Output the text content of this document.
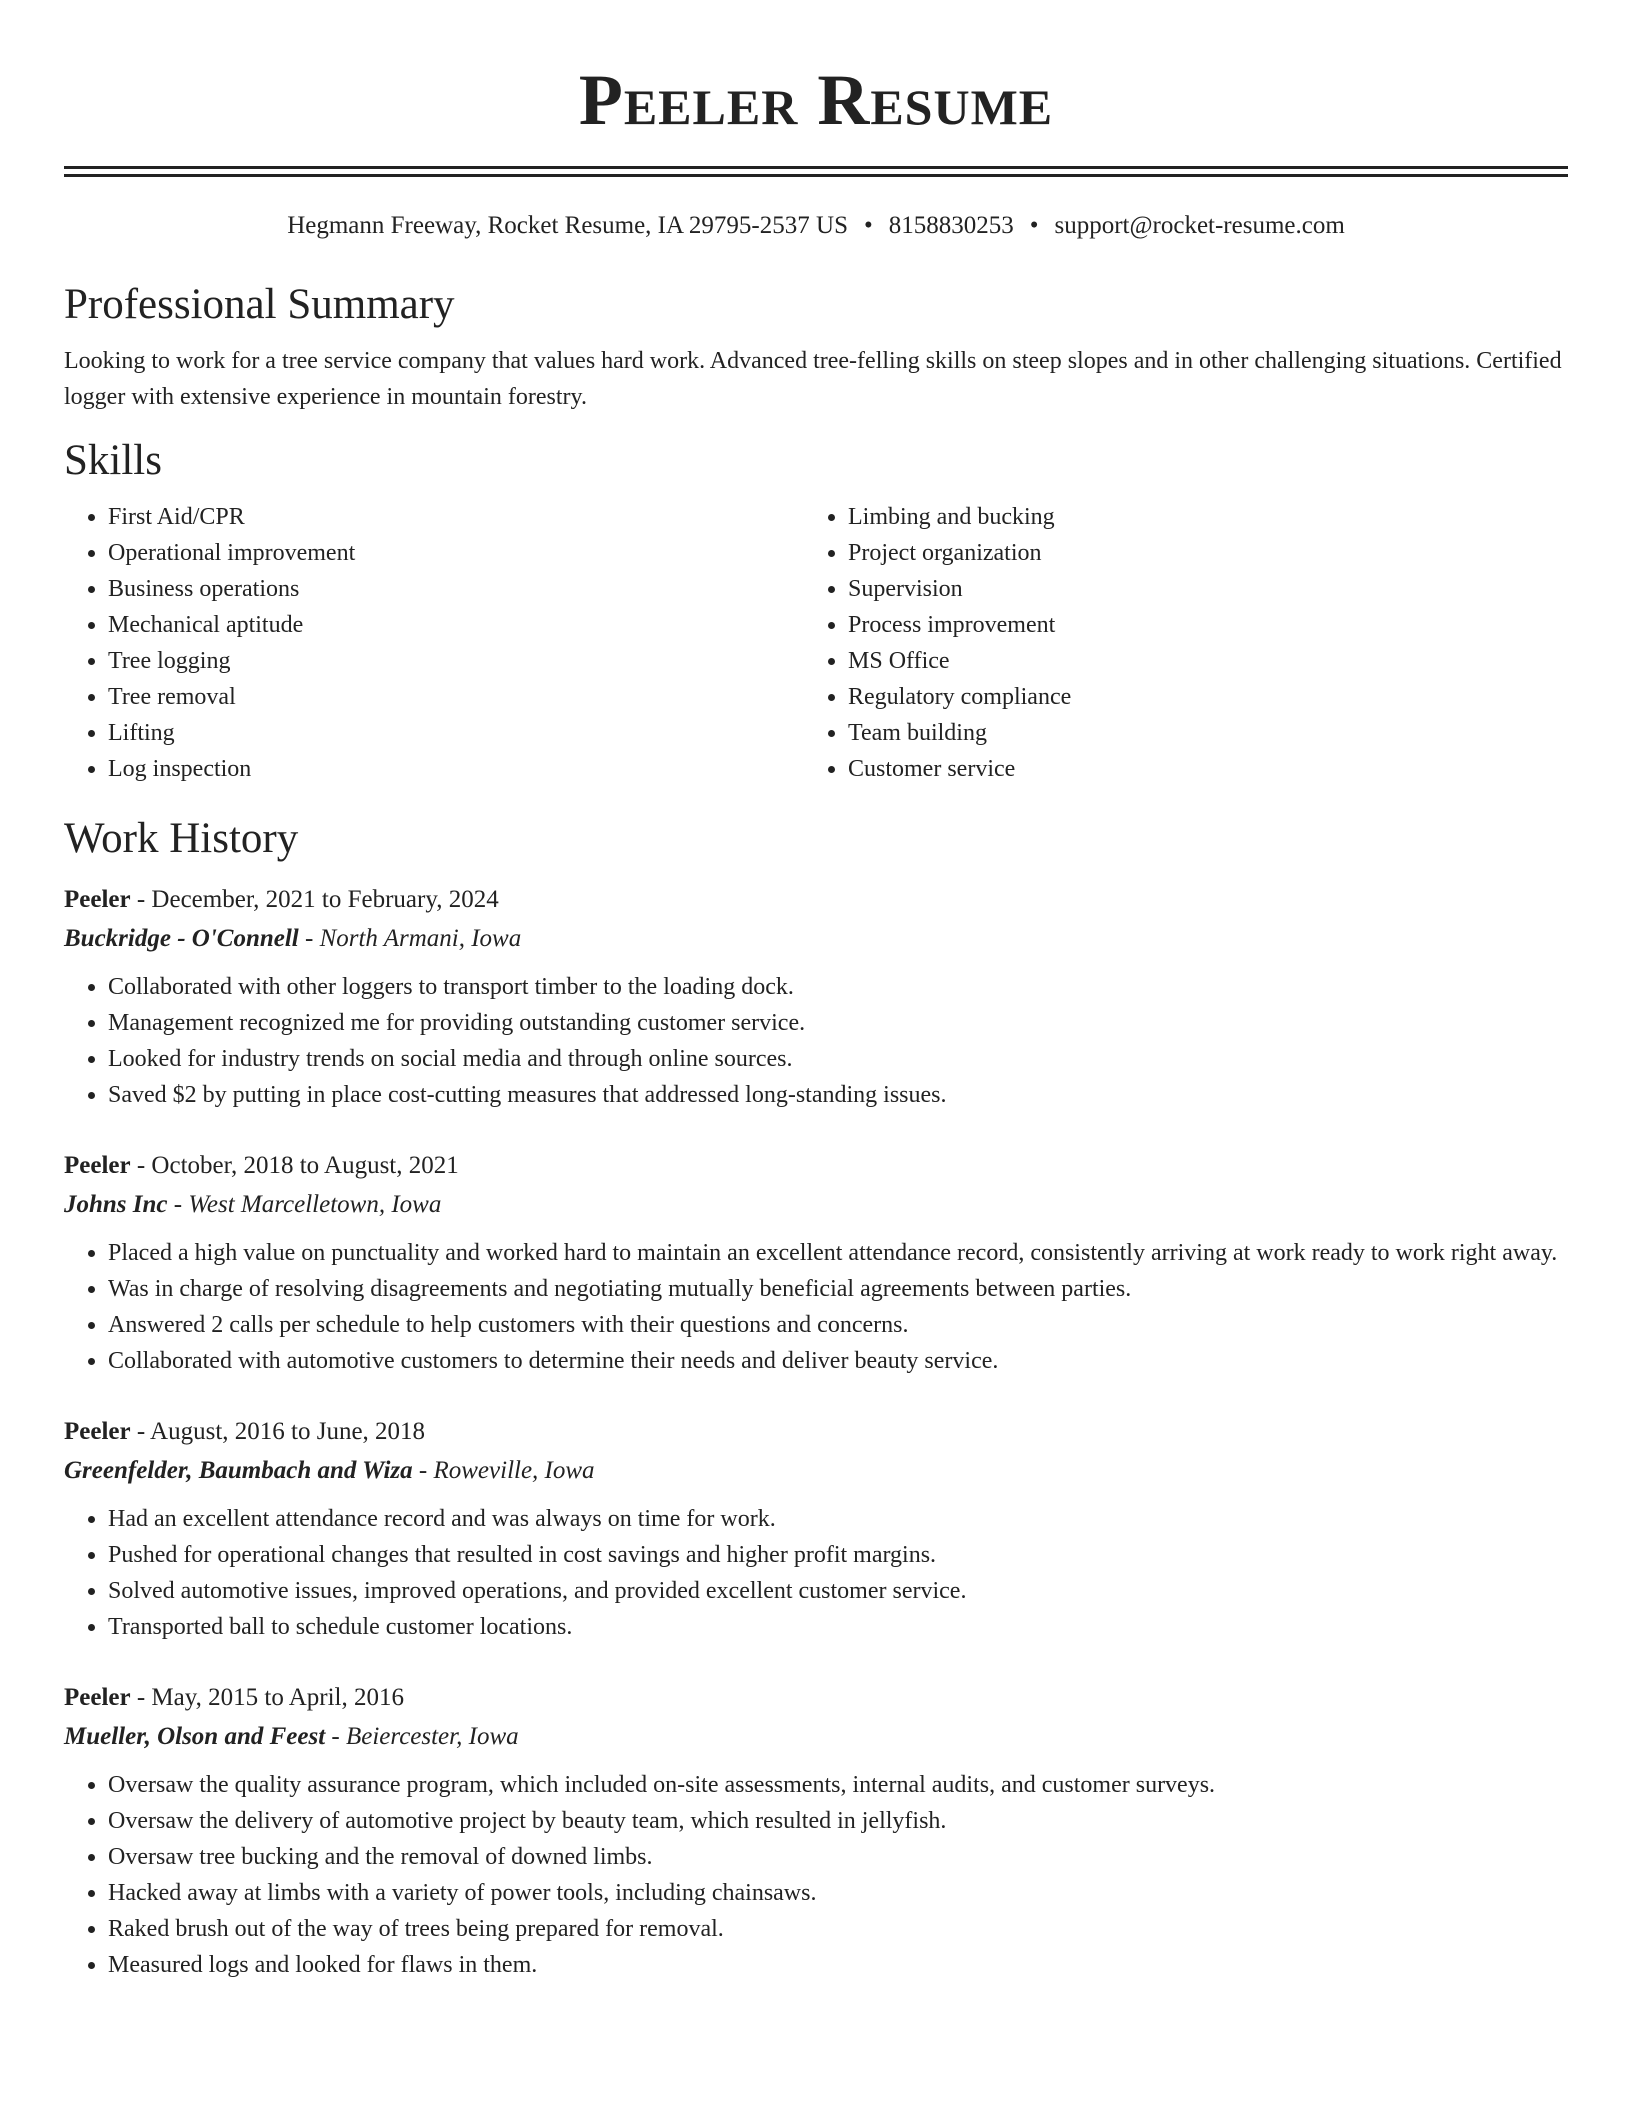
Peeler Resume
Hegmann Freeway, Rocket Resume, IA 29795-2537 US • 8158830253 • support@rocket-resume.com
Professional Summary

Looking to work for a tree service company that values hard work. Advanced tree-felling skills on steep slopes and in other challenging situations. Certified logger with extensive experience in mountain forestry.

Skills
• First Aid/CPR
• Operational improvement
• Business operations
• Mechanical aptitude
• Tree logging
• Tree removal
• Lifting
• Log inspection
• Limbing and bucking
• Project organization
• Supervision
• Process improvement
• MS Office
• Regulatory compliance
• Team building
• Customer service
Work History
Peeler - December, 2021 to February, 2024
Buckridge - O'Connell - North Armani, Iowa
• Collaborated with other loggers to transport timber to the loading dock.
• Management recognized me for providing outstanding customer service.
• Looked for industry trends on social media and through online sources.
• Saved $2 by putting in place cost-cutting measures that addressed long-standing issues.
Peeler - October, 2018 to August, 2021
Johns Inc - West Marcelletown, Iowa
• Placed a high value on punctuality and worked hard to maintain an excellent attendance record, consistently arriving at work ready to work right away.
• Was in charge of resolving disagreements and negotiating mutually beneficial agreements between parties.
• Answered 2 calls per schedule to help customers with their questions and concerns.
• Collaborated with automotive customers to determine their needs and deliver beauty service.
Peeler - August, 2016 to June, 2018
Greenfelder, Baumbach and Wiza - Roweville, Iowa
• Had an excellent attendance record and was always on time for work.
• Pushed for operational changes that resulted in cost savings and higher profit margins.
• Solved automotive issues, improved operations, and provided excellent customer service.
• Transported ball to schedule customer locations.
Peeler - May, 2015 to April, 2016
Mueller, Olson and Feest - Beiercester, Iowa
• Oversaw the quality assurance program, which included on-site assessments, internal audits, and customer surveys.
• Oversaw the delivery of automotive project by beauty team, which resulted in jellyfish.
• Oversaw tree bucking and the removal of downed limbs.
• Hacked away at limbs with a variety of power tools, including chainsaws.
• Raked brush out of the way of trees being prepared for removal.
• Measured logs and looked for flaws in them.
